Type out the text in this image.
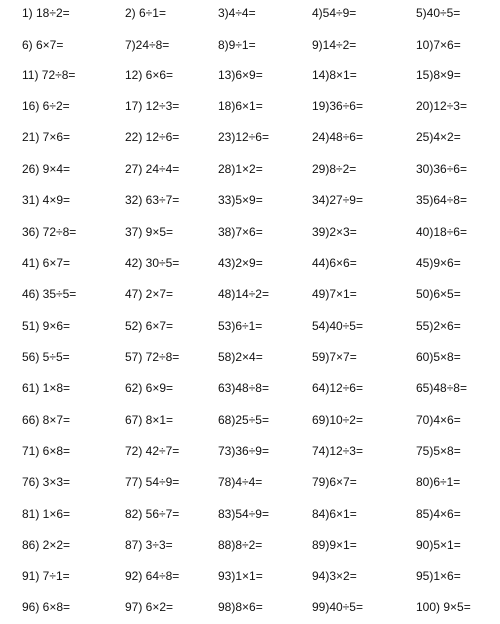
1) 18÷2=	2) 6÷1=	3)4÷4=	4)54÷9=	5)40÷5=
6) 6×7=	7)24÷8=	8)9÷1=	9)14÷2=	10)7×6=
11) 72÷8=	12) 6×6=	13)6×9=	14)8×1=	15)8×9=
16) 6÷2=	17) 12÷3=	18)6×1=	19)36÷6=	20)12÷3=
21) 7×6=	22) 12÷6=	23)12÷6=	24)48÷6=	25)4×2=
26) 9×4=	27) 24÷4=	28)1×2=	29)8÷2=	30)36÷6=
31) 4×9=	32) 63÷7=	33)5×9=	34)27÷9=	35)64÷8=
36) 72÷8=	37) 9×5=	38)7×6=	39)2×3=	40)18÷6=
41) 6×7=	42) 30÷5=	43)2×9=	44)6×6=	45)9×6=
46) 35÷5=	47) 2×7=	48)14÷2=	49)7×1=	50)6×5=
51) 9×6=	52) 6×7=	53)6÷1=	54)40÷5=	55)2×6=
56) 5÷5=	57) 72÷8=	58)2×4=	59)7×7=	60)5×8=
61) 1×8=	62) 6×9=	63)48÷8=	64)12÷6=	65)48÷8=
66) 8×7=	67) 8×1=	68)25÷5=	69)10÷2=	70)4×6=
71) 6×8=	72) 42÷7=	73)36÷9=	74)12÷3=	75)5×8=
76) 3×3=	77) 54÷9=	78)4÷4=	79)6×7=	80)6÷1=
81) 1×6=	82) 56÷7=	83)54÷9=	84)6×1=	85)4×6=
86) 2×2=	87) 3÷3=	88)8÷2=	89)9×1=	90)5×1=
91) 7÷1=	92) 64÷8=	93)1×1=	94)3×2=	95)1×6=
96) 6×8=	97) 6×2=	98)8×6=	99)40÷5=	100) 9×5=
